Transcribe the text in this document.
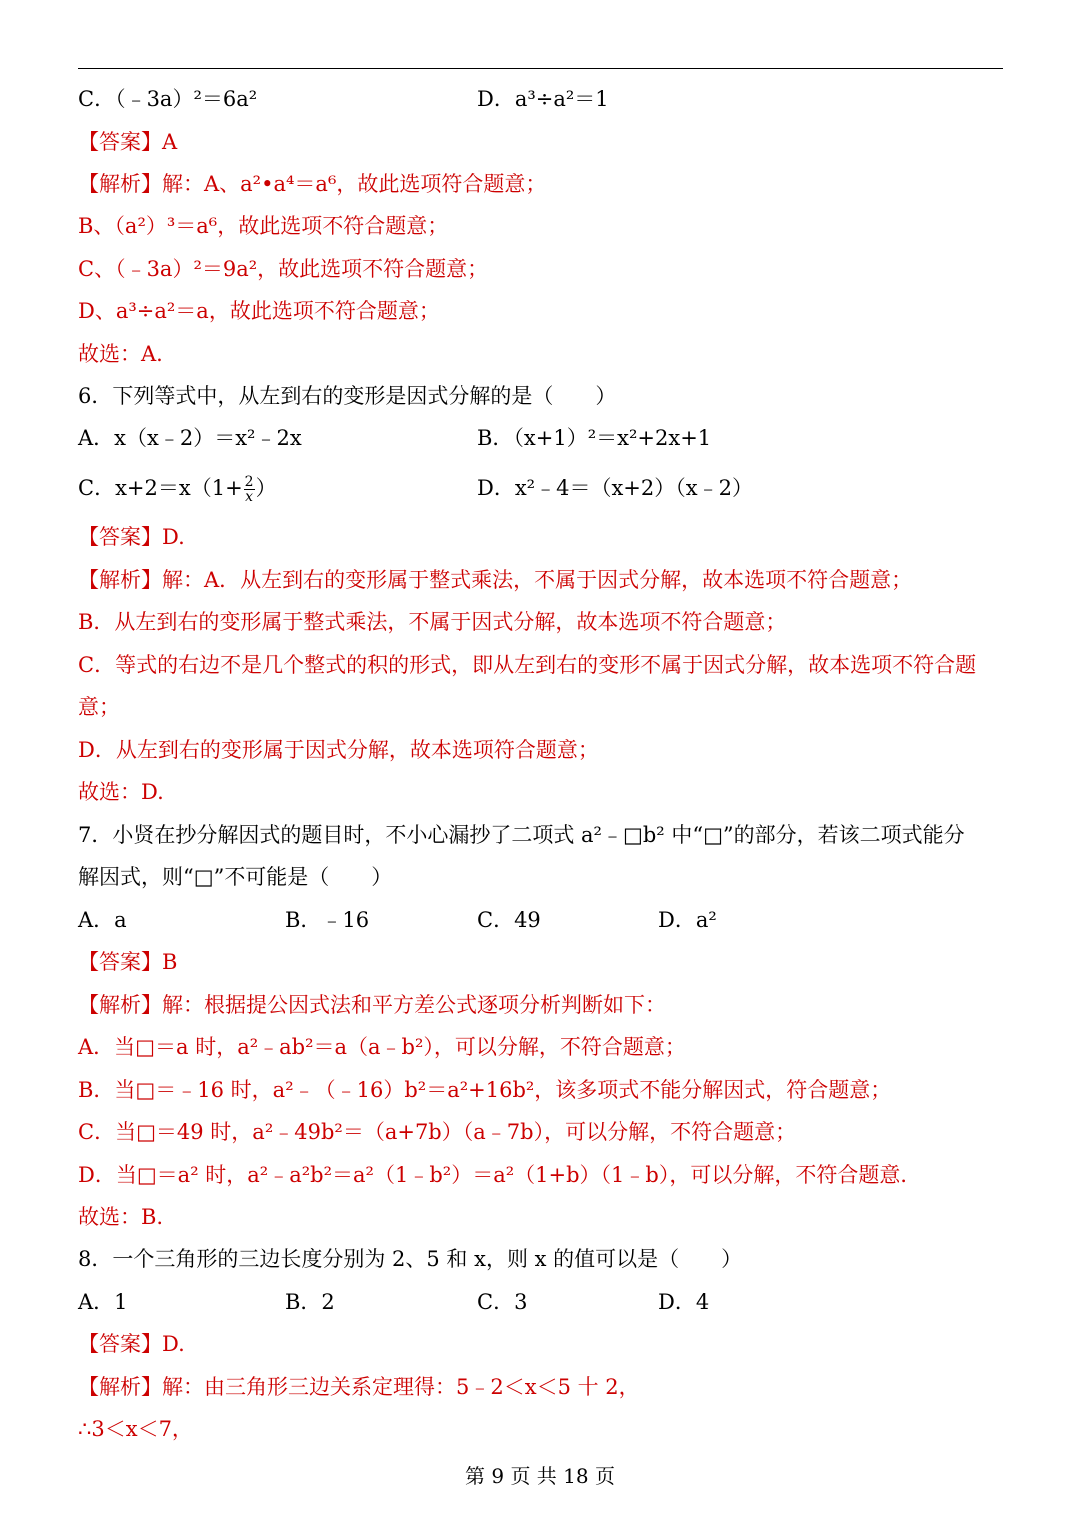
C．（﹣3a）²＝6a²	D．a³÷a²＝1
【答案】A
【解析】解：A、a²•a⁴＝a⁶，故此选项符合题意；
B、（a²）³＝a⁶，故此选项不符合题意；
C、（﹣3a）²＝9a²，故此选项不符合题意；
D、a³÷a²＝a，故此选项不符合题意；
故选：A.
6．下列等式中，从左到右的变形是因式分解的是（　　）
A．x（x﹣2）＝x²﹣2x	B．（x+1）²＝x²+2x+1
C．$x+2=x(1+ \frac{2}{x}$ ）	D．x²﹣4＝（x+2）（x﹣2）
【答案】D.
【解析】解：A．从左到右的变形属于整式乘法，不属于因式分解，故本选项不符合题意；
B．从左到右的变形属于整式乘法，不属于因式分解，故本选项不符合题意；
C．等式的右边不是几个整式的积的形式，即从左到右的变形不属于因式分解，故本选项不符合题
意；
D．从左到右的变形属于因式分解，故本选项符合题意；
故选：D.
7．小贤在抄分解因式的题目时，不小心漏抄了二项式 a²﹣□b² 中“□”的部分，若该二项式能分
解因式，则“□”不可能是（　　）
A．a	B．﹣16	C．49	D．a²
【答案】B
【解析】解：根据提公因式法和平方差公式逐项分析判断如下：
A．当□＝a 时，a²﹣ab²＝a（a﹣b²），可以分解，不符合题意；
B．当□＝﹣16 时，a²﹣（﹣16）b²＝a²+16b²，该多项式不能分解因式，符合题意；
C．当□＝49 时，a²﹣49b²＝（a+7b）（a﹣7b），可以分解，不符合题意；
D．当□＝a² 时，a²﹣a²b²＝a²（1﹣b²）＝a²（1+b）（1﹣b），可以分解，不符合题意．
故选：B.
8．一个三角形的三边长度分别为 2、5 和 x，则 x 的值可以是（　　）
A．1	B．2	C．3	D．4
【答案】D.
【解析】解：由三角形三边关系定理得：5﹣2＜x＜5 十 2，
∴3＜x＜7，
第 9 页 共 18 页
